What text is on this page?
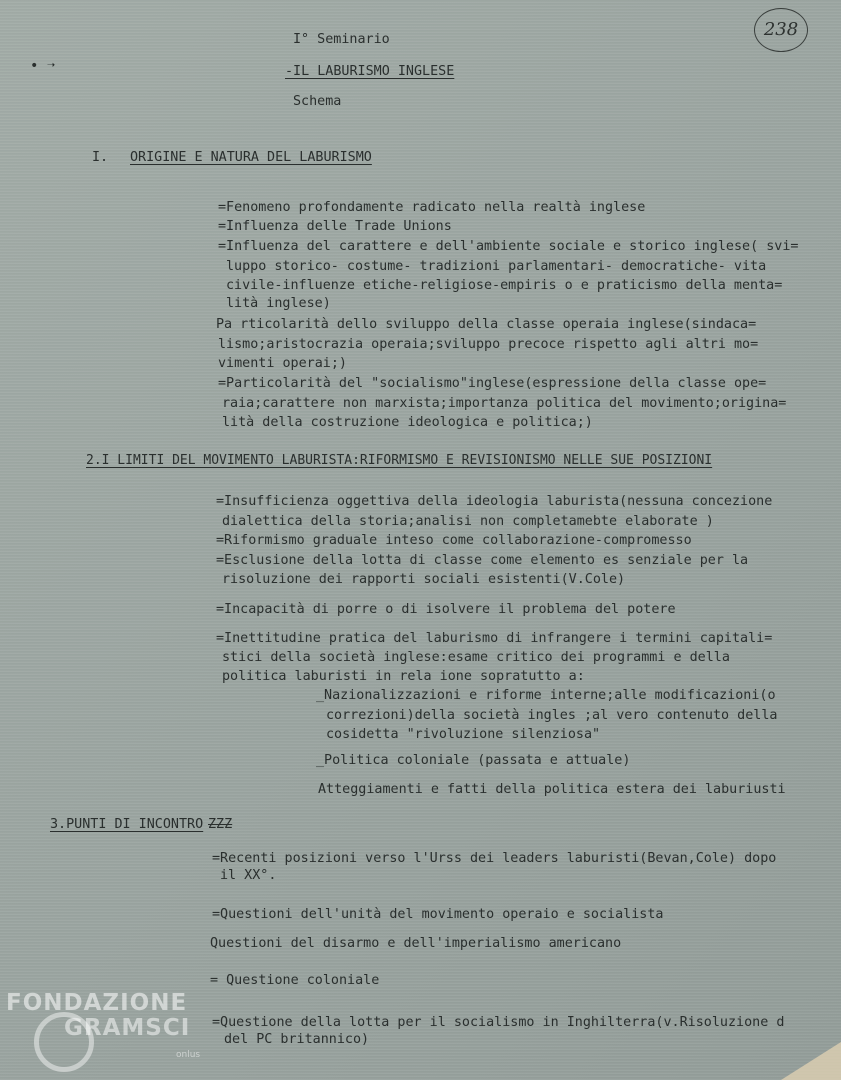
238
• ➝
I° Seminario
-IL LABURISMO INGLESE
Schema
I. ORIGINE E NATURA DEL LABURISMO
=Fenomeno profondamente radicato nella realtà inglese
=Influenza delle Trade Unions
=Influenza del carattere e dell'ambiente sociale e storico inglese( svi=
luppo storico- costume- tradizioni parlamentari- democratiche- vita
civile-influenze etiche-religiose-empiris o e praticismo della menta=
lità inglese)
Pa rticolarità dello sviluppo della classe operaia inglese(sindaca=
lismo;aristocrazia operaia;sviluppo precoce rispetto agli altri mo=
vimenti operai;)
=Particolarità del "socialismo"inglese(espressione della classe ope=
raia;carattere non marxista;importanza politica del movimento;origina=
lità della costruzione ideologica e politica;)
2.I LIMITI DEL MOVIMENTO LABURISTA:RIFORMISMO E REVISIONISMO NELLE SUE POSIZIONI
=Insufficienza oggettiva della ideologia laburista(nessuna concezione
dialettica della storia;analisi non completamebte elaborate )
=Riformismo graduale inteso come collaborazione-compromesso
=Esclusione della lotta di classe come elemento es senziale per la
risoluzione dei rapporti sociali esistenti(V.Cole)
=Incapacità di porre o di isolvere il problema del potere
=Inettitudine pratica del laburismo di infrangere i termini capitali=
stici della società inglese:esame critico dei programmi e della
politica laburisti in rela ione sopratutto a:
_Nazionalizzazioni e riforme interne;alle modificazioni(o
correzioni)della società ingles ;al vero contenuto della
cosidetta "rivoluzione silenziosa"
_Politica coloniale (passata e attuale)
Atteggiamenti e fatti della politica estera dei laburiusti
3.PUNTI DI INCONTRO ZZZ
=Recenti posizioni verso l'Urss dei leaders laburisti(Bevan,Cole) dopo
il XX°.
=Questioni dell'unità del movimento operaio e socialista
Questioni del disarmo e dell'imperialismo americano
= Questione coloniale
=Questione della lotta per il socialismo in Inghilterra(v.Risoluzione d
del PC britannico)
FONDAZIONE
GRAMSCI
onlus
